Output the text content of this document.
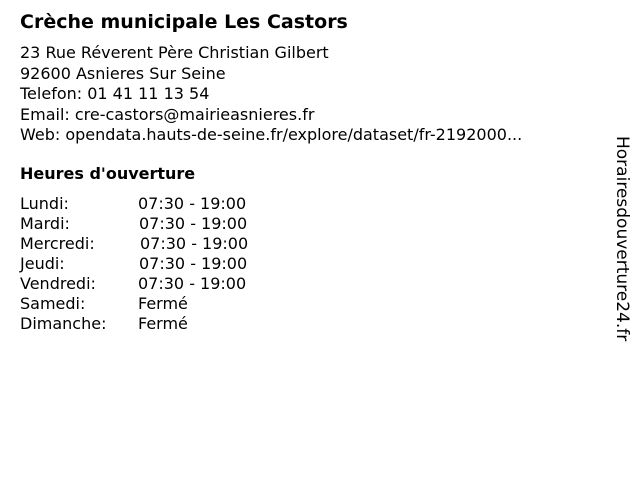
Crèche municipale Les Castors
23 Rue Réverent Père Christian Gilbert
92600 Asnieres Sur Seine
Telefon: 01 41 11 13 54
Email: cre-castors@mairieasnieres.fr
Web: opendata.hauts-de-seine.fr/explore/dataset/fr-2192000...
Heures d'ouverture
Lundi:	07:30 - 19:00
Mardi:	07:30 - 19:00
Mercredi:	07:30 - 19:00
Jeudi:	07:30 - 19:00
Vendredi:	07:30 - 19:00
Samedi:	Fermé
Dimanche: Fermé	Horairesdouverture24.fr
